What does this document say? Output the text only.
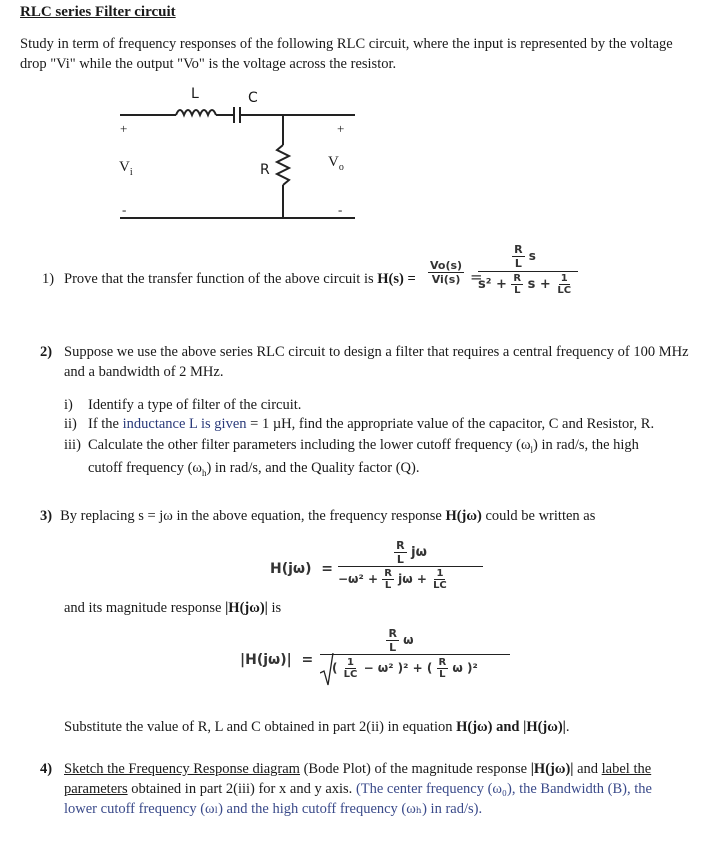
RLC series Filter circuit
Study in term of frequency responses of the following RLC circuit, where the input is represented by the voltage drop "Vi" while the output "Vo" is the voltage across the resistor.
L	C
R
+	+
-	-
$V_i$
$V_o$
1) Prove that the transfer function of the above circuit is $H(s) = \frac{Vo(s)}{Vi(s)}$ =
$\frac{R}{L}$ s
$s^2 + \frac{R}{L}$ $s + \frac{1}{LC}$
2) Suppose we use the above series RLC circuit to design a filter that requires a central frequency of 100 MHz and a bandwidth of 2 MHz.
i) Identify a type of filter of the circuit.
ii) If the inductance L is given = 1 µH, find the appropriate value of the capacitor, C and Resistor, R.
iii) Calculate the other filter parameters including the lower cutoff frequency $(\omega_l)$ in rad/s, the high
cutoff frequency $(\omega_h)$ in rad/s, and the Quality factor (Q).
3) By replacing s = jω in the above equation, the frequency response H(jω) could be written as
H(jω) =
$\frac{R}{L}$ jω
$-\omega^2 + \frac{R}{L}$ $j\omega + \frac{1}{LC}$
and its magnitude response |H(jω)| is
|H(jω)| =
$\frac{R}{L}$ ω
( $\frac{1}{LC} - \omega^2$ )² + ( $\frac{R}{L}$ ω )²
Substitute the value of R, L and C obtained in part 2(ii) in equation H(jω) and |H(jω)|.
4) Sketch the Frequency Response diagram (Bode Plot) of the magnitude response |H(jω)| and label the parameters obtained in part 2(iii) for x and y axis. (The center frequency (ω₀), the Bandwidth (B), the lower cutoff frequency (ωₗ) and the high cutoff frequency (ωₕ) in rad/s).
